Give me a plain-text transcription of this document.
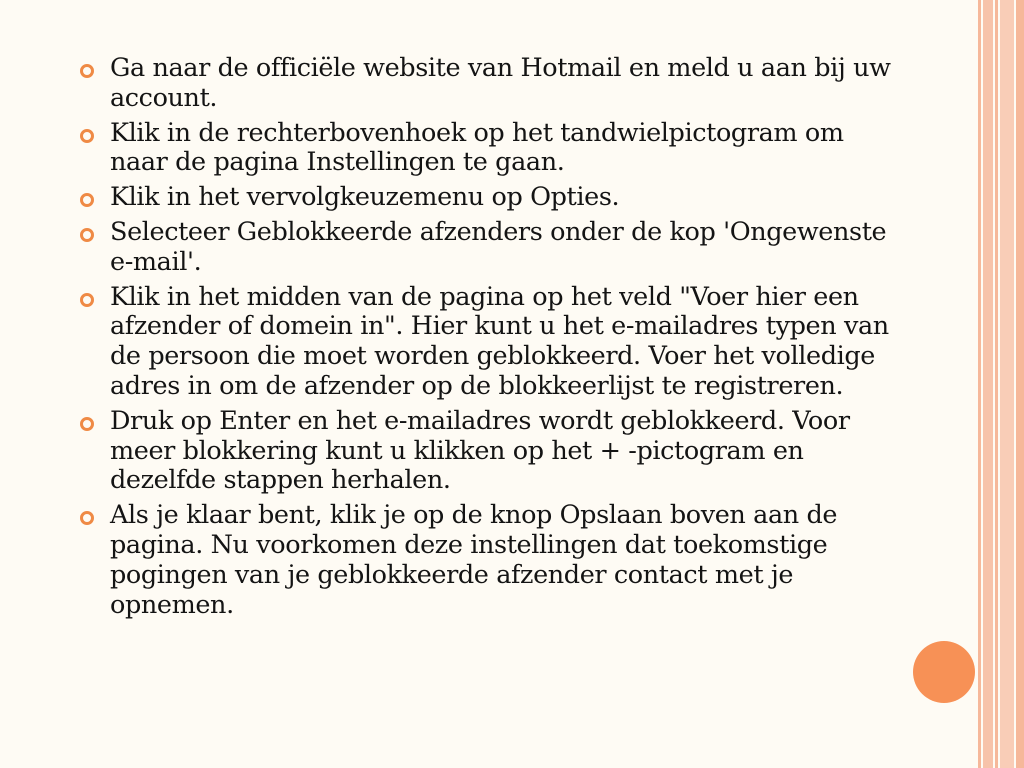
Ga naar de officiële website van Hotmail en meld u aan bij uw account.
Klik in de rechterbovenhoek op het tandwielpictogram om naar de pagina Instellingen te gaan.
Klik in het vervolgkeuzemenu op Opties.
Selecteer Geblokkeerde afzenders onder de kop 'Ongewenste e-mail'.
Klik in het midden van de pagina op het veld "Voer hier een afzender of domein in". Hier kunt u het e-mailadres typen van de persoon die moet worden geblokkeerd. Voer het volledige adres in om de afzender op de blokkeerlijst te registreren.
Druk op Enter en het e-mailadres wordt geblokkeerd. Voor meer blokkering kunt u klikken op het + -pictogram en dezelfde stappen herhalen.
Als je klaar bent, klik je op de knop Opslaan boven aan de pagina. Nu voorkomen deze instellingen dat toekomstige pogingen van je geblokkeerde afzender contact met je opnemen.
